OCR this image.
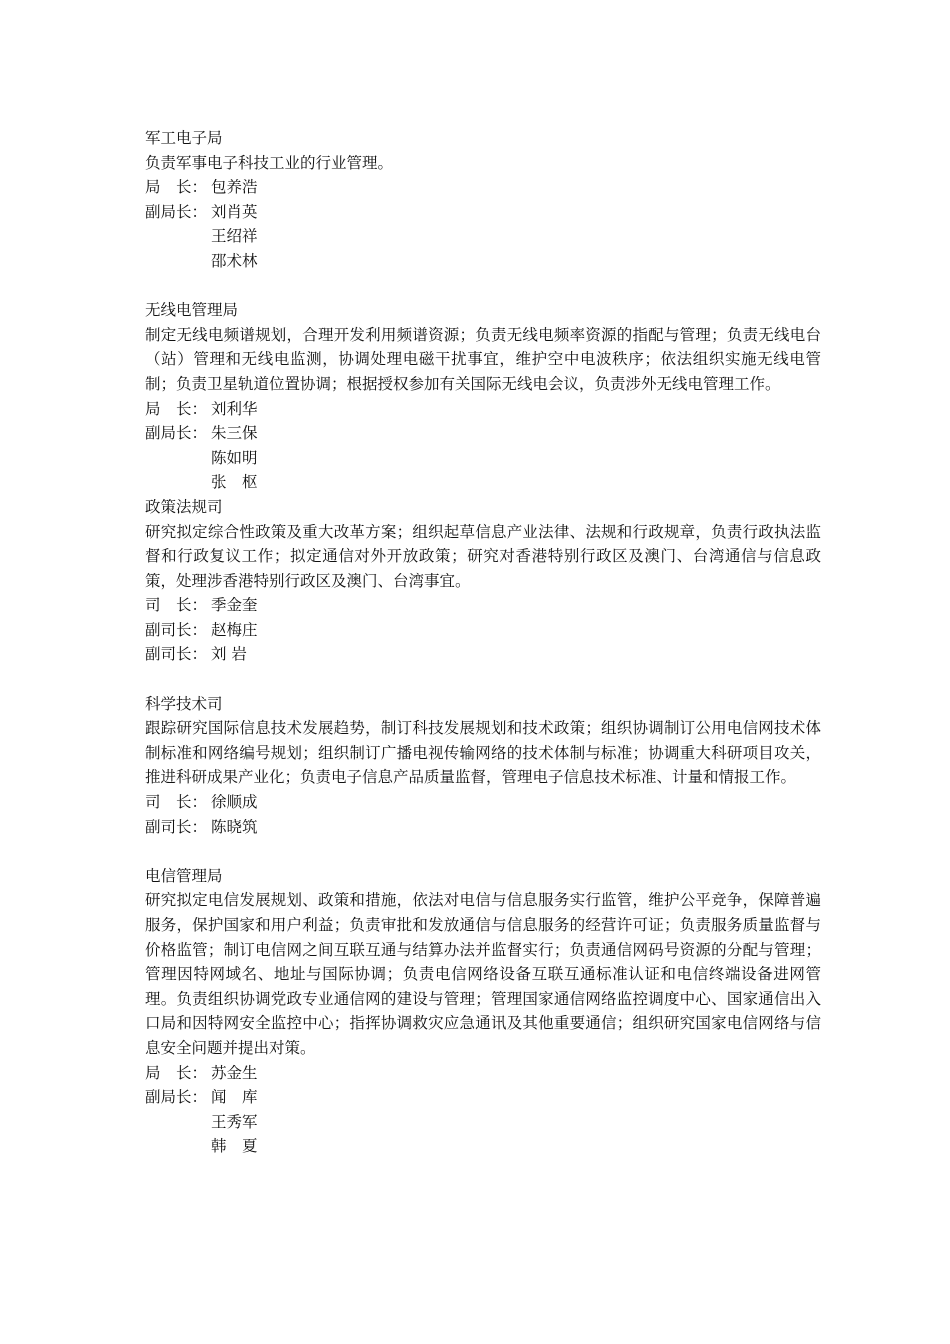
军工电子局
负责军事电子科技工业的行业管理。
局　长： 包养浩
副局长： 刘肖英
王绍祥
邵术林
无线电管理局
制定无线电频谱规划，合理开发利用频谱资源；负责无线电频率资源的指配与管理；负责无线电台（站）管理和无线电监测，协调处理电磁干扰事宜，维护空中电波秩序；依法组织实施无线电管制；负责卫星轨道位置协调；根据授权参加有关国际无线电会议，负责涉外无线电管理工作。
局　长： 刘利华
副局长： 朱三保
陈如明
张　枢
政策法规司
研究拟定综合性政策及重大改革方案；组织起草信息产业法律、法规和行政规章，负责行政执法监督和行政复议工作；拟定通信对外开放政策；研究对香港特别行政区及澳门、台湾通信与信息政策，处理涉香港特别行政区及澳门、台湾事宜。
司　长： 季金奎
副司长： 赵梅庄
副司长： 刘 岩
科学技术司
跟踪研究国际信息技术发展趋势，制订科技发展规划和技术政策；组织协调制订公用电信网技术体制标准和网络编号规划；组织制订广播电视传输网络的技术体制与标准；协调重大科研项目攻关，推进科研成果产业化；负责电子信息产品质量监督，管理电子信息技术标准、计量和情报工作。
司　长： 徐顺成
副司长： 陈晓筑
电信管理局
研究拟定电信发展规划、政策和措施，依法对电信与信息服务实行监管，维护公平竞争，保障普遍服务，保护国家和用户利益；负责审批和发放通信与信息服务的经营许可证；负责服务质量监督与价格监管；制订电信网之间互联互通与结算办法并监督实行；负责通信网码号资源的分配与管理；管理因特网域名、地址与国际协调；负责电信网络设备互联互通标准认证和电信终端设备进网管理。负责组织协调党政专业通信网的建设与管理；管理国家通信网络监控调度中心、国家通信出入口局和因特网安全监控中心；指挥协调救灾应急通讯及其他重要通信；组织研究国家电信网络与信息安全问题并提出对策。
局　长： 苏金生
副局长： 闻　库
王秀军
韩　夏
